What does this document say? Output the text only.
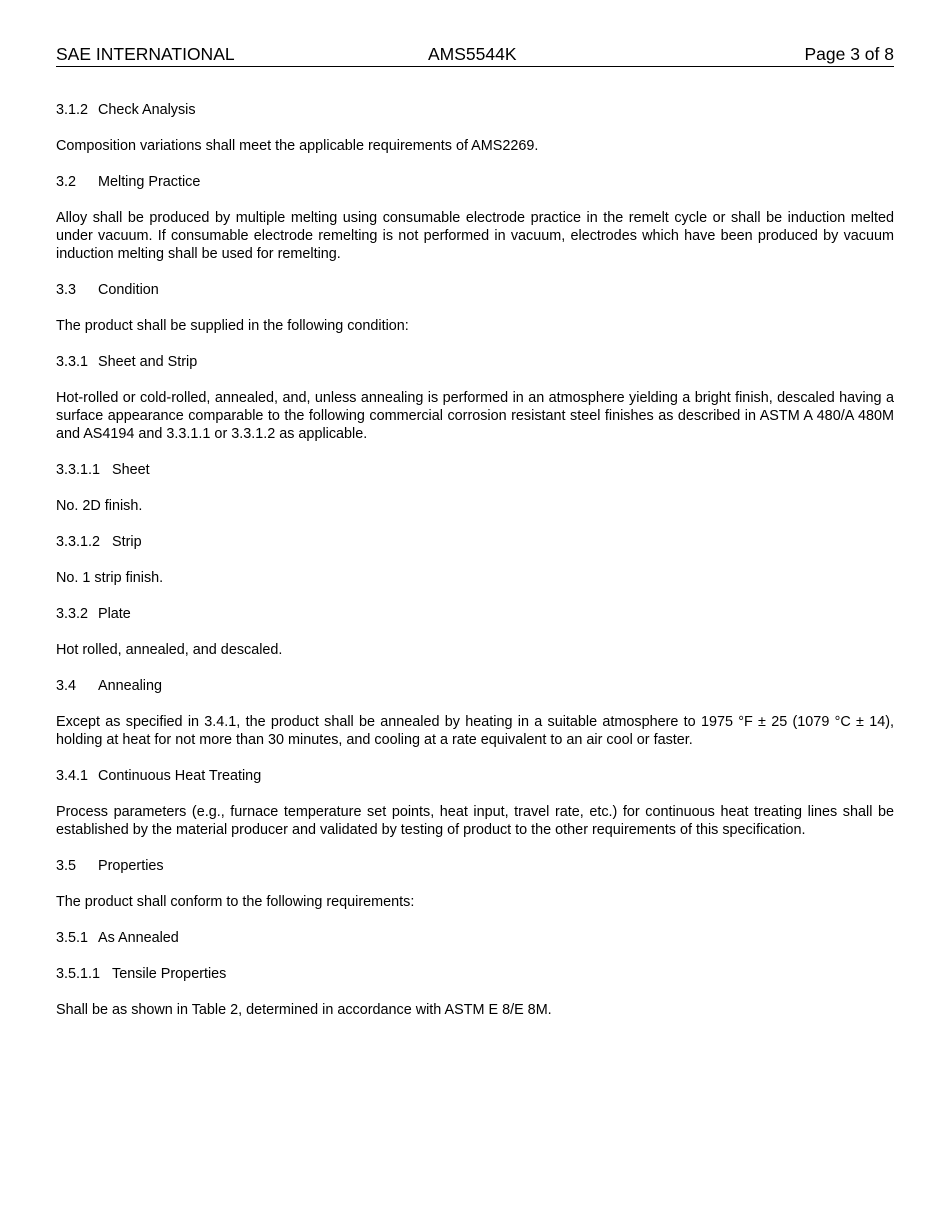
SAE INTERNATIONAL	AMS5544K	Page 3 of 8
3.1.2 Check Analysis

Composition variations shall meet the applicable requirements of AMS2269.

3.2 Melting Practice

Alloy shall be produced by multiple melting using consumable electrode practice in the remelt cycle or shall be induction melted under vacuum. If consumable electrode remelting is not performed in vacuum, electrodes which have been produced by vacuum induction melting shall be used for remelting.

3.3 Condition

The product shall be supplied in the following condition:

3.3.1 Sheet and Strip

Hot-rolled or cold-rolled, annealed, and, unless annealing is performed in an atmosphere yielding a bright finish, descaled having a surface appearance comparable to the following commercial corrosion resistant steel finishes as described in ASTM A 480/A 480M and AS4194 and 3.3.1.1 or 3.3.1.2 as applicable.

3.3.1.1 Sheet

No. 2D finish.

3.3.1.2 Strip

No. 1 strip finish.

3.3.2 Plate

Hot rolled, annealed, and descaled.

3.4 Annealing

Except as specified in 3.4.1, the product shall be annealed by heating in a suitable atmosphere to 1975 °F ± 25 (1079 °C ± 14), holding at heat for not more than 30 minutes, and cooling at a rate equivalent to an air cool or faster.

3.4.1 Continuous Heat Treating

Process parameters (e.g., furnace temperature set points, heat input, travel rate, etc.) for continuous heat treating lines shall be established by the material producer and validated by testing of product to the other requirements of this specification.

3.5 Properties

The product shall conform to the following requirements:

3.5.1 As Annealed
3.5.1.1 Tensile Properties

Shall be as shown in Table 2, determined in accordance with ASTM E 8/E 8M.
